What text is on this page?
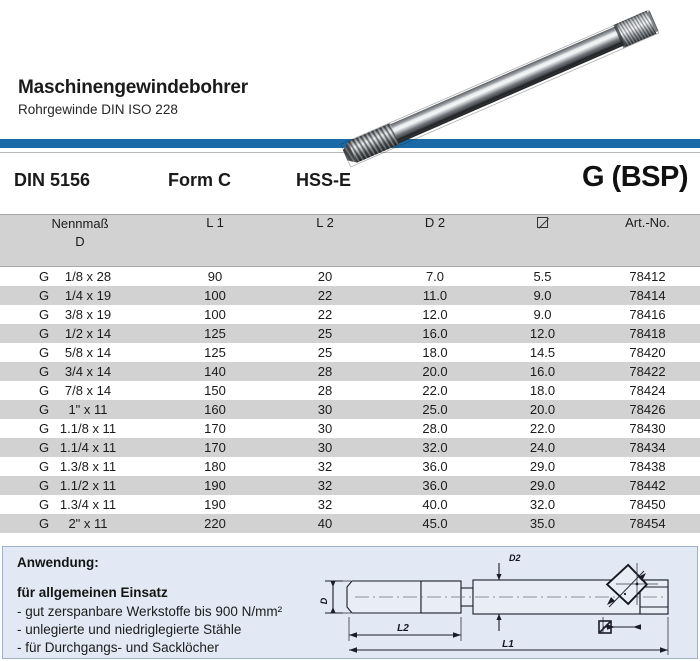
Maschinengewindebohrer
Rohrgewinde DIN ISO 228
DIN 5156	Form C	HSS-E	G (BSP)
Nennmaß
D	L 1	L 2	D 2		Art.-No.
G 1/8 x 28	90	20	7.0	5.5	78412
G 1/4 x 19	100	22	11.0	9.0	78414
G 3/8 x 19	100	22	12.0	9.0	78416
G 1/2 x 14	125	25	16.0	12.0	78418
G 5/8 x 14	125	25	18.0	14.5	78420
G 3/4 x 14	140	28	20.0	16.0	78422
G 7/8 x 14	150	28	22.0	18.0	78424
G 1" x 11	160	30	25.0	20.0	78426
G 1.1/8 x 11	170	30	28.0	22.0	78430
G 1.1/4 x 11	170	30	32.0	24.0	78434
G 1.3/8 x 11	180	32	36.0	29.0	78438
G 1.1/2 x 11	190	32	36.0	29.0	78442
G 1.3/4 x 11	190	32	40.0	32.0	78450
G 2" x 11	220	40	45.0	35.0	78454
Anwendung:
für allgemeinen Einsatz
- gut zerspanbare Werkstoffe bis 900 N/mm²
- unlegierte und niedriglegierte Stähle
- für Durchgangs- und Sacklöcher
D
L2
L1
D2
